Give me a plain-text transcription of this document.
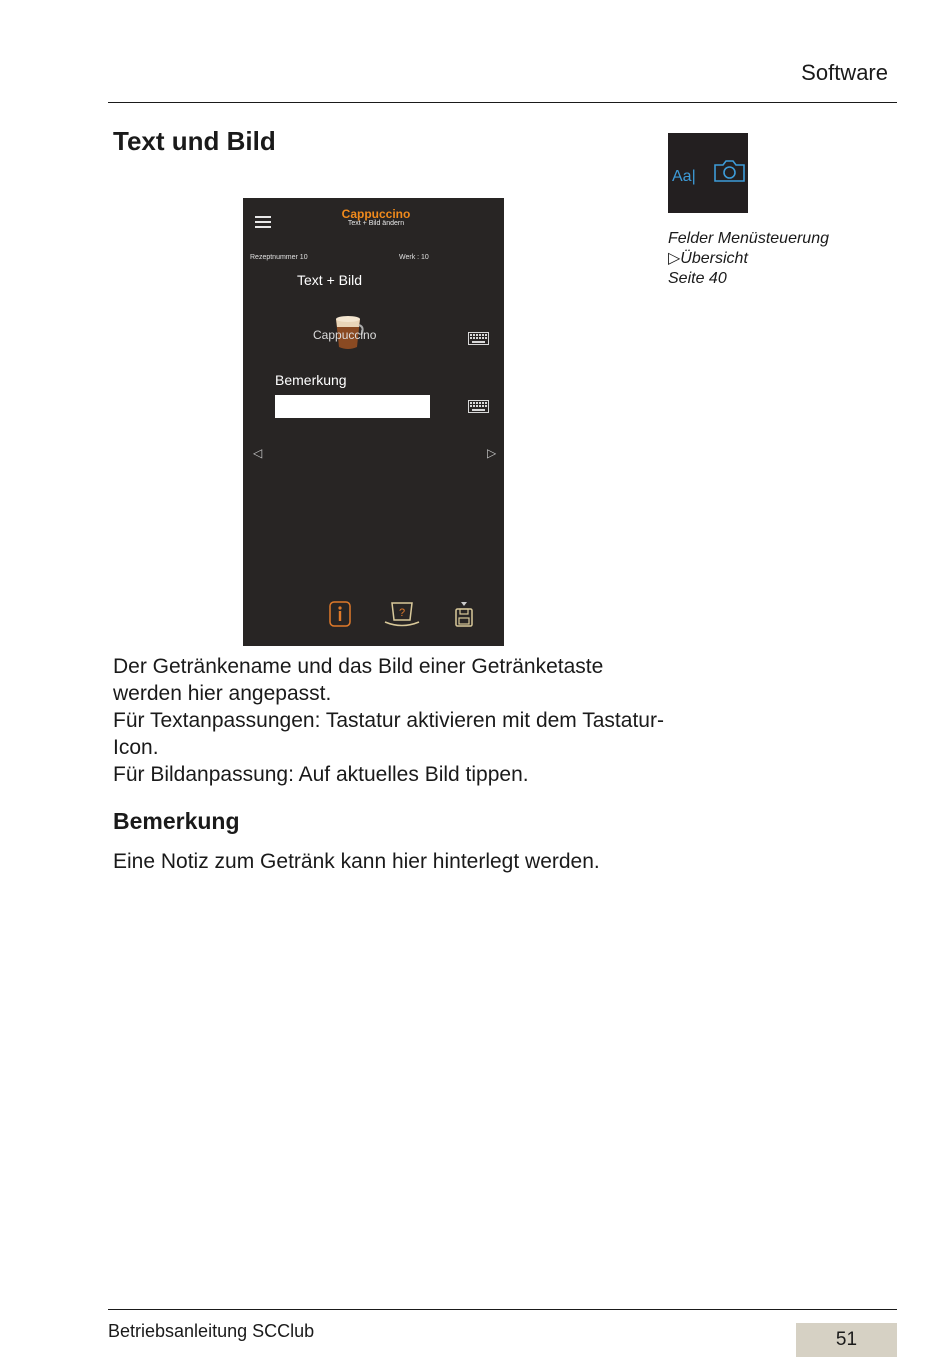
Software
Text und Bild
Cappuccino
Text + Bild ändern
Rezeptnummer 10	Werk : 10
Text + Bild
Cappuccino
Bemerkung
◁	▷
?

Der Getränkename und das Bild einer Getränketaste werden hier angepasst.

Für Textanpassungen: Tastatur aktivieren mit dem Tastatur-Icon.

Für Bildanpassung: Auf aktuelles Bild tippen.

Bemerkung
Eine Notiz zum Getränk kann hier hinterlegt werden.
Aa|
Felder Menüsteuerung
▷Übersicht
Seite 40
Betriebsanleitung SCClub	51
